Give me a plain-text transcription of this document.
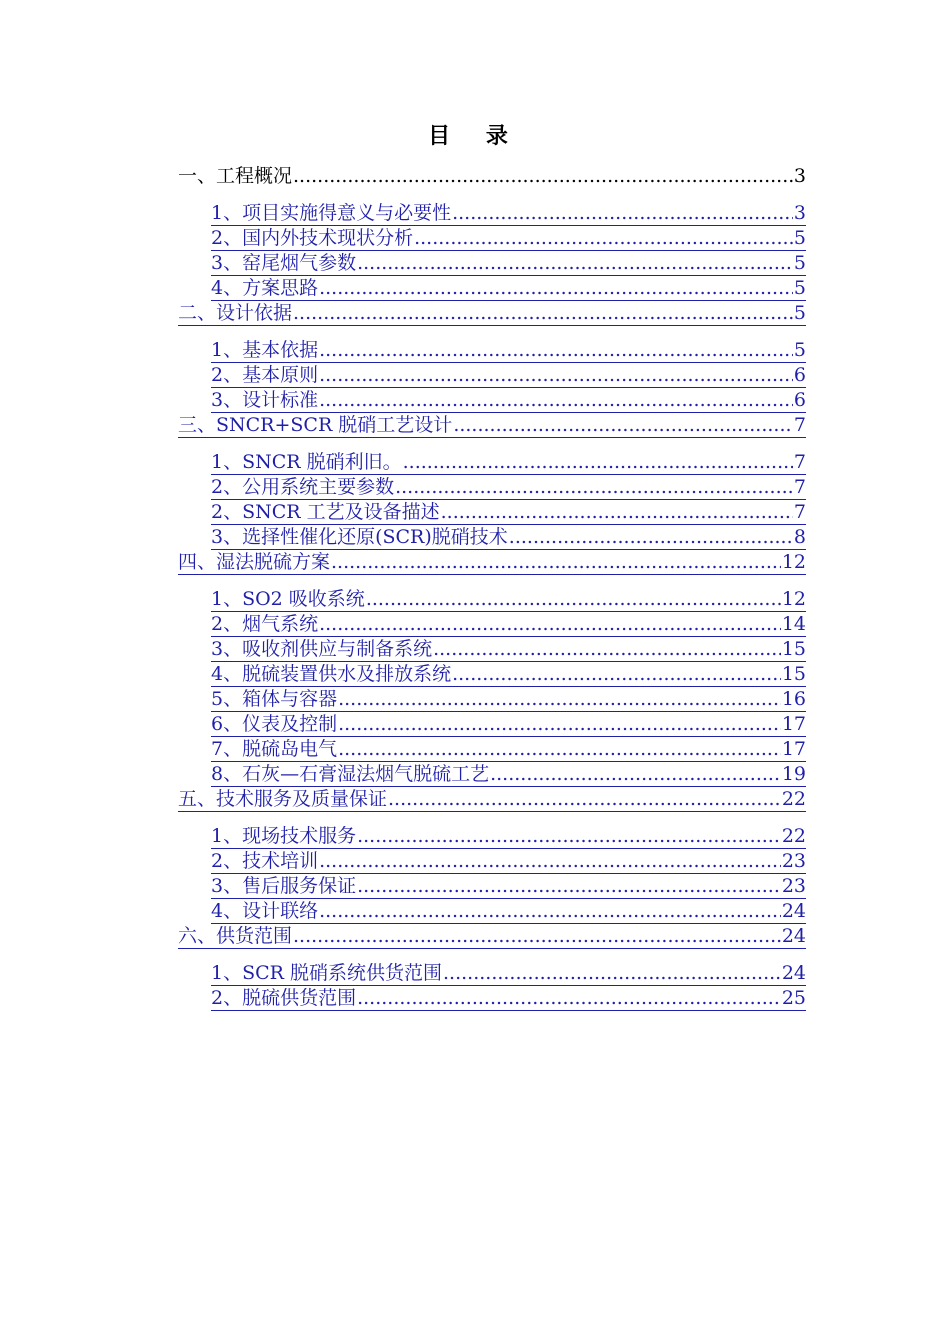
目 录
一、工程概况 .....	3
1、项目实施得意义与必要性 .....	3
2、国内外技术现状分析 .....	5
3、窑尾烟气参数 .....	5
4、方案思路 .....	5
二、设计依据 .....	5
1、基本依据 .....	5
2、基本原则 .....	6
3、设计标准 .....	6
三、SNCR+SCR 脱硝工艺设计 .....	7
1、SNCR 脱硝利旧。 .....	7
2、公用系统主要参数 .....	7
2、SNCR 工艺及设备描述 .....	7
3、选择性催化还原(SCR)脱硝技术 .....	8
四、湿法脱硫方案 .....	12
1、SO2 吸收系统 .....	12
2、烟气系统 .....	14
3、吸收剂供应与制备系统 .....	15
4、脱硫装置供水及排放系统 .....	15
5、箱体与容器 .....	16
6、仪表及控制 .....	17
7、脱硫岛电气 .....	17
8、石灰—石膏湿法烟气脱硫工艺 .....	19
五、技术服务及质量保证 .....	22
1、现场技术服务 .....	22
2、技术培训 .....	23
3、售后服务保证 .....	23
4、设计联络 .....	24
六、供货范围 .....	24
1、SCR 脱硝系统供货范围 .....	24
2、脱硫供货范围 .....	25
